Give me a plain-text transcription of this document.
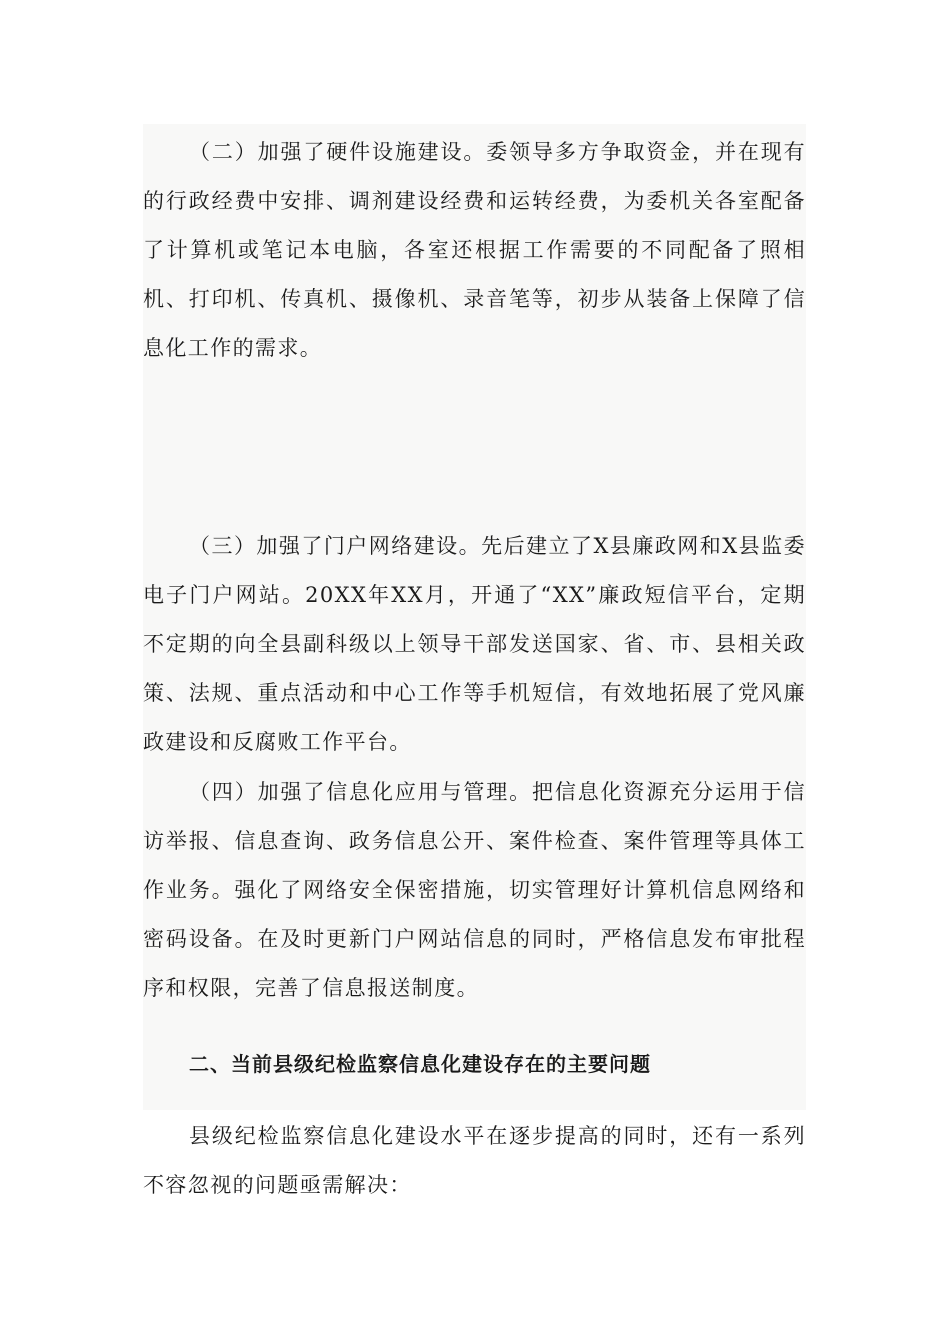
（二）加强了硬件设施建设。委领导多方争取资金，并在现有的行政经费中安排、调剂建设经费和运转经费，为委机关各室配备了计算机或笔记本电脑，各室还根据工作需要的不同配备了照相机、打印机、传真机、摄像机、录音笔等，初步从装备上保障了信息化工作的需求。

（三）加强了门户网络建设。先后建立了X县廉政网和X县监委电子门户网站。20XX年XX月，开通了“XX”廉政短信平台，定期不定期的向全县副科级以上领导干部发送国家、省、市、县相关政策、法规、重点活动和中心工作等手机短信，有效地拓展了党风廉政建设和反腐败工作平台。

（四）加强了信息化应用与管理。把信息化资源充分运用于信访举报、信息查询、政务信息公开、案件检查、案件管理等具体工作业务。强化了网络安全保密措施，切实管理好计算机信息网络和密码设备。在及时更新门户网站信息的同时，严格信息发布审批程序和权限，完善了信息报送制度。

二、当前县级纪检监察信息化建设存在的主要问题

县级纪检监察信息化建设水平在逐步提高的同时，还有一系列不容忽视的问题亟需解决：
